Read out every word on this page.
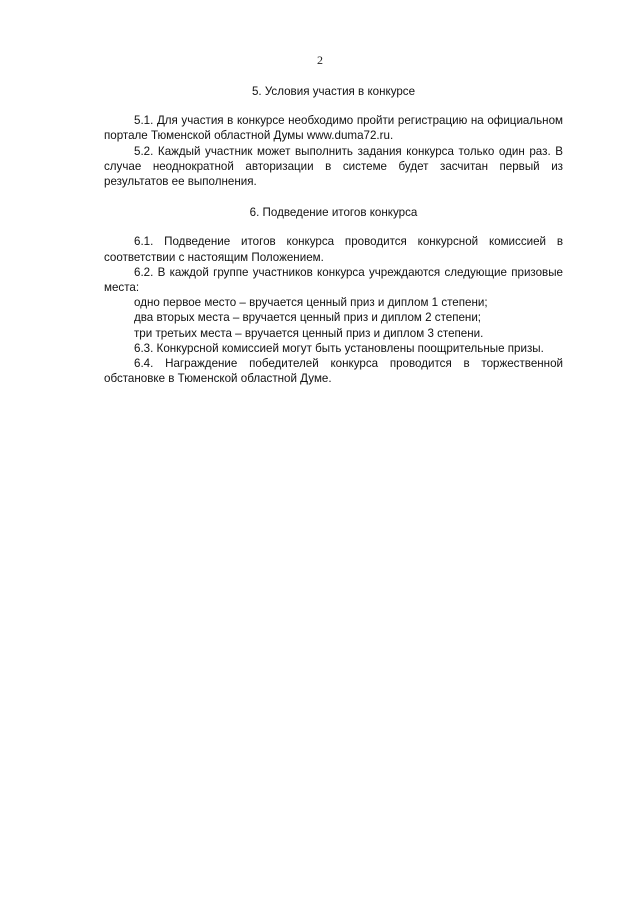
2

5. Условия участия в конкурсе

5.1. Для участия в конкурсе необходимо пройти регистрацию на официальном портале Тюменской областной Думы www.duma72.ru.

5.2. Каждый участник может выполнить задания конкурса только один раз. В случае неоднократной авторизации в системе будет засчитан первый из результатов ее выполнения.

6. Подведение итогов конкурса

6.1. Подведение итогов конкурса проводится конкурсной комиссией в соответствии с настоящим Положением.

6.2. В каждой группе участников конкурса учреждаются следующие призовые места:

одно первое место – вручается ценный приз и диплом 1 степени;

два вторых места – вручается ценный приз и диплом 2 степени;

три третьих места – вручается ценный приз и диплом 3 степени.

6.3. Конкурсной комиссией могут быть установлены поощрительные призы.

6.4. Награждение победителей конкурса проводится в торжественной обстановке в Тюменской областной Думе.
